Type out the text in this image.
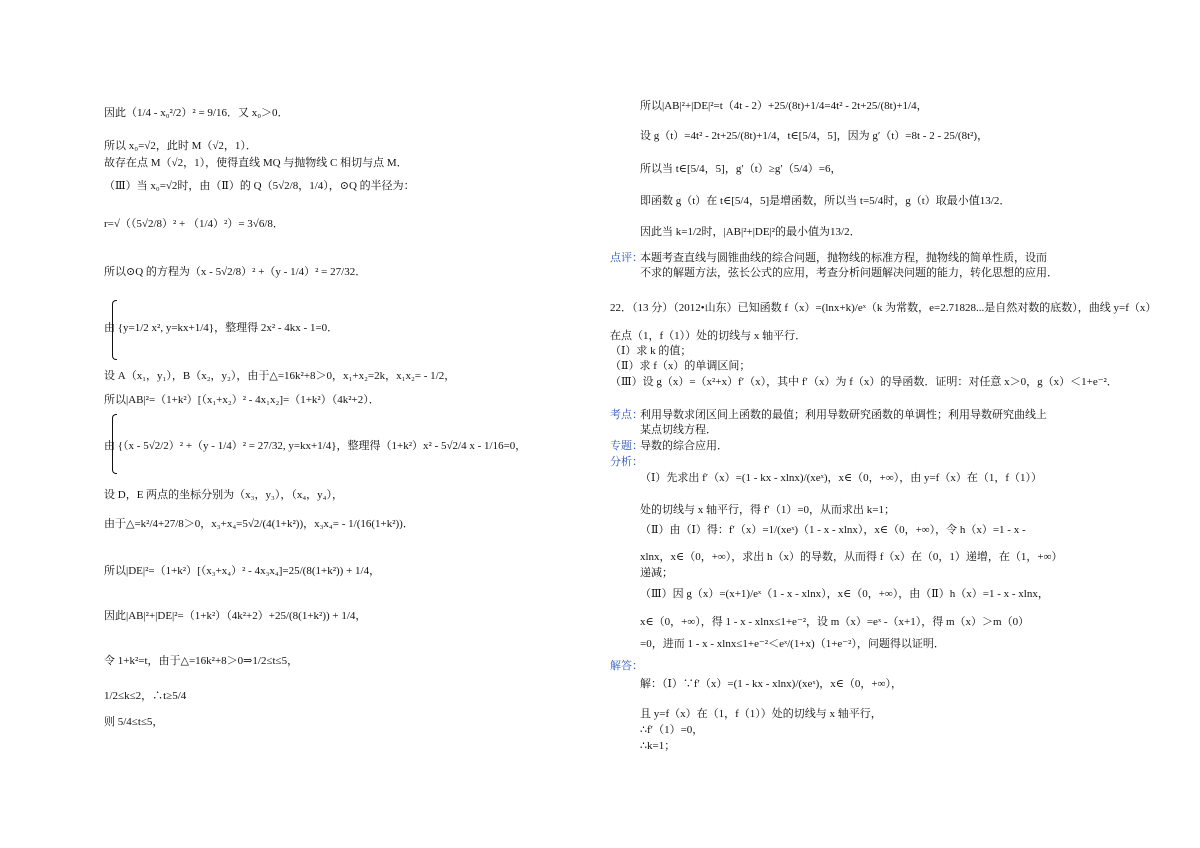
因此（1/4 - x₀²/2）² = 9/16．又 x₀＞0．
所以 x₀=√2，此时 M（√2，1）．
故存在点 M（√2，1），使得直线 MQ 与抛物线 C 相切与点 M．
（Ⅲ）当 x₀=√2时，由（Ⅱ）的 Q（5√2/8，1/4），⊙Q 的半径为：
r=√（（5√2/8）² + （1/4）²）= 3√6/8．
所以⊙Q 的方程为（x - 5√2/8）² +（y - 1/4）² = 27/32．
由 {y=1/2 x², y=kx+1/4}，整理得 2x² - 4kx - 1=0．
设 A（x₁，y₁），B（x₂，y₂），由于△=16k²+8＞0，x₁+x₂=2k，x₁x₂= - 1/2，
所以|AB|²=（1+k²）[（x₁+x₂）² - 4x₁x₂]=（1+k²）（4k²+2）．
由 {（x - 5√2/2）² +（y - 1/4）² = 27/32, y=kx+1/4}，整理得（1+k²）x² - 5√2/4 x - 1/16=0，
设 D，E 两点的坐标分别为（x₃，y₃），（x₄，y₄），
由于△=k²/4+27/8＞0，x₃+x₄=5√2/(4(1+k²))，x₃x₄= - 1/(16(1+k²))．
所以|DE|²=（1+k²）[（x₃+x₄）² - 4x₃x₄]=25/(8(1+k²)) + 1/4，
因此|AB|²+|DE|²=（1+k²）（4k²+2）+25/(8(1+k²)) + 1/4，
令 1+k²=t，由于△=16k²+8＞0⇒1/2≤t≤5，
1/2≤k≤2，∴t≥5/4
则 5/4≤t≤5，
所以|AB|²+|DE|²=t（4t - 2）+25/(8t)+1/4=4t² - 2t+25/(8t)+1/4，
设 g（t）=4t² - 2t+25/(8t)+1/4，t∈[5/4，5]，因为 g′（t）=8t - 2 - 25/(8t²)，
所以当 t∈[5/4，5]，g′（t）≥g′（5/4）=6，
即函数 g（t）在 t∈[5/4，5]是增函数，所以当 t=5/4时，g（t）取最小值13/2．
因此当 k=1/2时，|AB|²+|DE|²的最小值为13/2．
点评：
本题考查直线与圆锥曲线的综合问题，抛物线的标准方程，抛物线的简单性质，设而
不求的解题方法，弦长公式的应用，考查分析问题解决问题的能力，转化思想的应用．
22．（13 分）（2012•山东）已知函数 f（x）=(lnx+k)/eˣ（k 为常数，e=2.71828...是自然对数的底数），曲线 y=f（x）
在点（1，f（1））处的切线与 x 轴平行．
（Ⅰ）求 k 的值；
（Ⅱ）求 f（x）的单调区间；
（Ⅲ）设 g（x）=（x²+x）f′（x），其中 f′（x）为 f（x）的导函数．证明：对任意 x＞0，g（x）＜1+e⁻²．
考点：
利用导数求闭区间上函数的最值；利用导数研究函数的单调性；利用导数研究曲线上
某点切线方程．
专题：
导数的综合应用．
分析：
（Ⅰ）先求出 f′（x）=(1 - kx - xlnx)/(xeˣ)，x∈（0，+∞），由 y=f（x）在（1，f（1））
处的切线与 x 轴平行，得 f′（1）=0，从而求出 k=1；
（Ⅱ）由（Ⅰ）得：f′（x）=1/(xeˣ)（1 - x - xlnx），x∈（0，+∞），令 h（x）=1 - x -
xlnx，x∈（0，+∞），求出 h（x）的导数，从而得 f（x）在（0，1）递增，在（1，+∞）
递减；
（Ⅲ）因 g（x）=(x+1)/eˣ（1 - x - xlnx），x∈（0，+∞），由（Ⅱ）h（x）=1 - x - xlnx，
x∈（0，+∞），得 1 - x - xlnx≤1+e⁻²，设 m（x）=eˣ -（x+1），得 m（x）＞m（0）
=0，进而 1 - x - xlnx≤1+e⁻²＜eˣ/(1+x)（1+e⁻²），问题得以证明．
解答：
解：（Ⅰ）∵f′（x）=(1 - kx - xlnx)/(xeˣ)，x∈（0，+∞），
且 y=f（x）在（1，f（1））处的切线与 x 轴平行，
∴f′（1）=0，
∴k=1；
